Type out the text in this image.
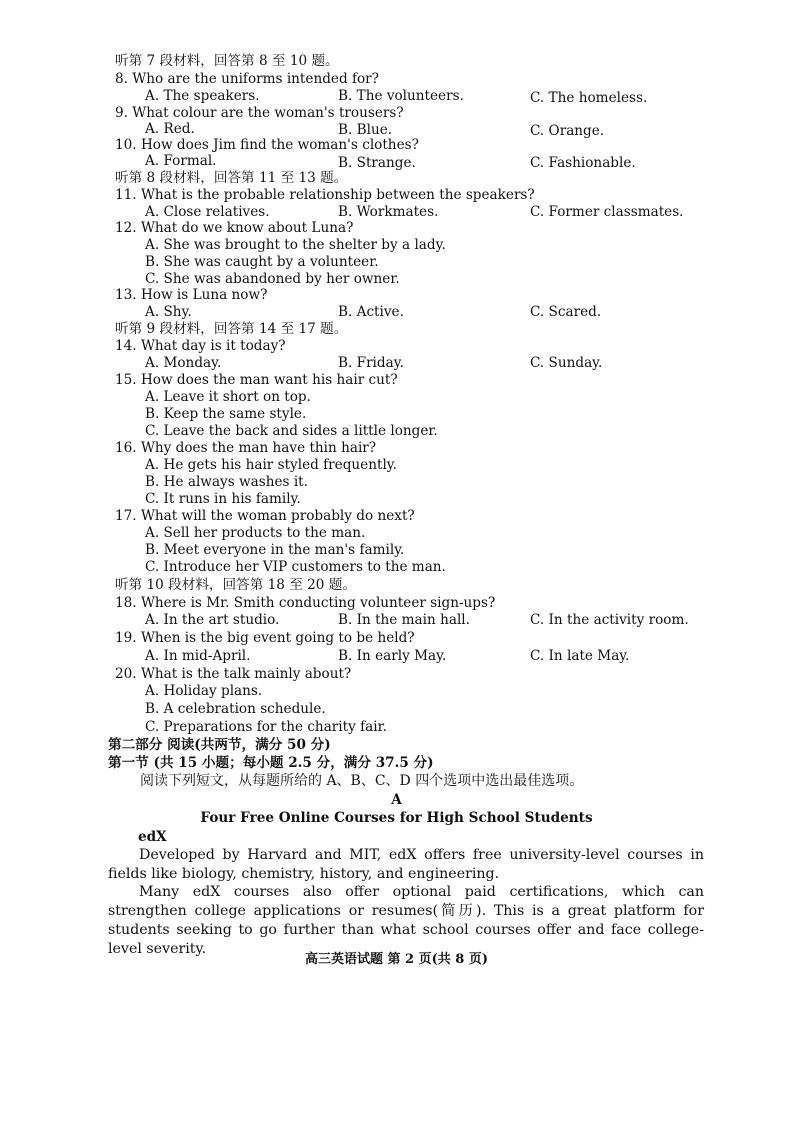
听第 7 段材料，回答第 8 至 10 题。
8. Who are the uniforms intended for?
A. The speakers.	B. The volunteers.	C. The homeless.
9. What colour are the woman's trousers?
A. Red.	B. Blue.	C. Orange.
10. How does Jim find the woman's clothes?
A. Formal.	B. Strange.	C. Fashionable.
听第 8 段材料，回答第 11 至 13 题。
11. What is the probable relationship between the speakers?
A. Close relatives.	B. Workmates.	C. Former classmates.
12. What do we know about Luna?
A. She was brought to the shelter by a lady.
B. She was caught by a volunteer.
C. She was abandoned by her owner.
13. How is Luna now?
A. Shy.	B. Active.	C. Scared.
听第 9 段材料，回答第 14 至 17 题。
14. What day is it today?
A. Monday.	B. Friday.	C. Sunday.
15. How does the man want his hair cut?
A. Leave it short on top.
B. Keep the same style.
C. Leave the back and sides a little longer.
16. Why does the man have thin hair?
A. He gets his hair styled frequently.
B. He always washes it.
C. It runs in his family.
17. What will the woman probably do next?
A. Sell her products to the man.
B. Meet everyone in the man's family.
C. Introduce her VIP customers to the man.
听第 10 段材料，回答第 18 至 20 题。
18. Where is Mr. Smith conducting volunteer sign-ups?
A. In the art studio.	B. In the main hall.	C. In the activity room.
19. When is the big event going to be held?
A. In mid-April.	B. In early May.	C. In late May.
20. What is the talk mainly about?
A. Holiday plans.
B. A celebration schedule.
C. Preparations for the charity fair.
第二部分 阅读(共两节，满分 50 分)
第一节 (共 15 小题；每小题 2.5 分，满分 37.5 分)
阅读下列短文，从每题所给的 A、B、C、D 四个选项中选出最佳选项。
A
Four Free Online Courses for High School Students
edX
Developed by Harvard and MIT, edX offers free university-level courses in fields like biology, chemistry, history, and engineering.
Many edX courses also offer optional paid certifications, which can strengthen college applications or resumes(简历). This is a great platform for students seeking to go further than what school courses offer and face college-level severity.
高三英语试题 第 2 页(共 8 页)
